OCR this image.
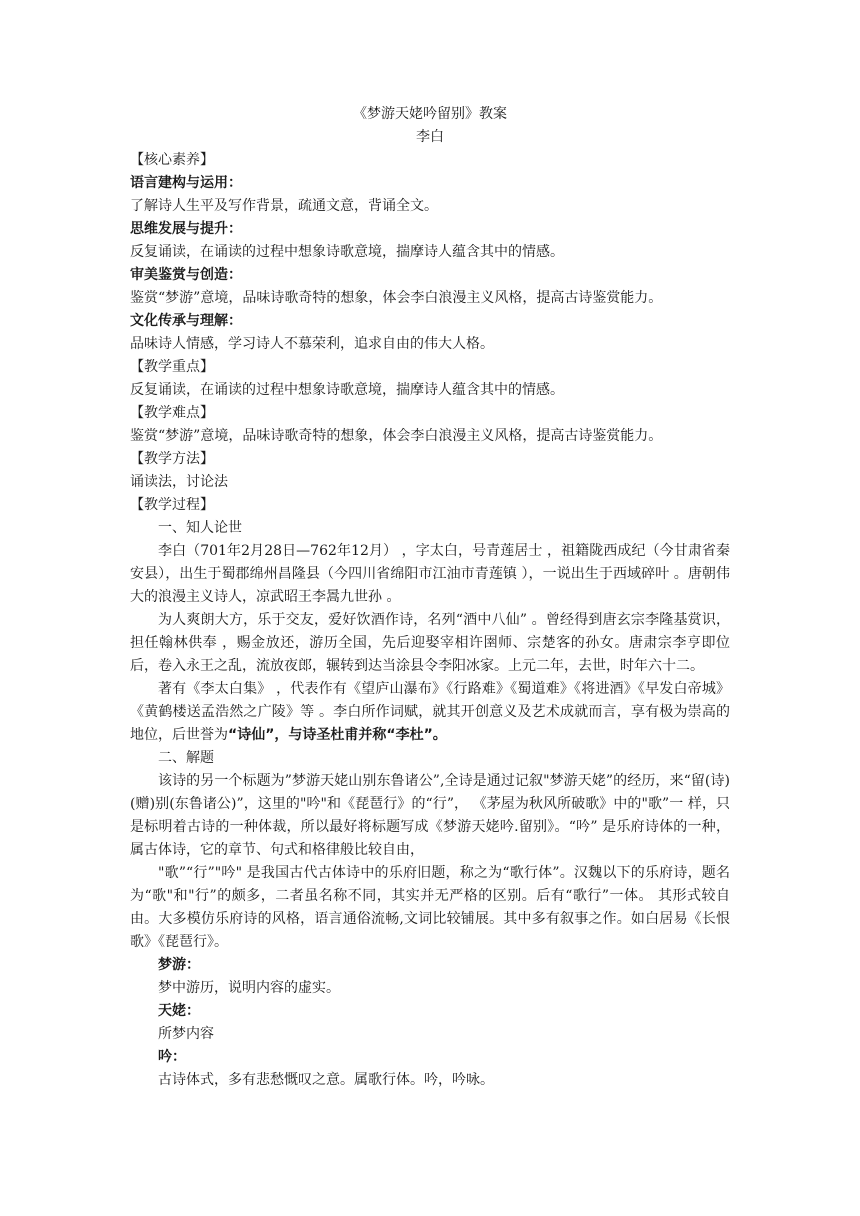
《梦游天姥吟留别》教案
李白
【核心素养】
语言建构与运用：
了解诗人生平及写作背景，疏通文意，背诵全文。
思维发展与提升：
反复诵读，在诵读的过程中想象诗歌意境，揣摩诗人蕴含其中的情感。
审美鉴赏与创造：
鉴赏“梦游”意境，品味诗歌奇特的想象，体会李白浪漫主义风格，提高古诗鉴赏能力。
文化传承与理解：
品味诗人情感，学习诗人不慕荣利，追求自由的伟大人格。
【教学重点】
反复诵读，在诵读的过程中想象诗歌意境，揣摩诗人蕴含其中的情感。
【教学难点】
鉴赏“梦游”意境，品味诗歌奇特的想象，体会李白浪漫主义风格，提高古诗鉴赏能力。
【教学方法】
诵读法，讨论法
【教学过程】
一、知人论世
李白（701年2月28日—762年12月） ，字太白，号青莲居士 ，祖籍陇西成纪（今甘肃省秦安县），出生于蜀郡绵州昌隆县（今四川省绵阳市江油市青莲镇 ），一说出生于西域碎叶 。唐朝伟大的浪漫主义诗人，凉武昭王李暠九世孙 。
为人爽朗大方，乐于交友，爱好饮酒作诗，名列“酒中八仙” 。曾经得到唐玄宗李隆基赏识，担任翰林供奉 ，赐金放还，游历全国，先后迎娶宰相许圉师、宗楚客的孙女。唐肃宗李亨即位后，卷入永王之乱，流放夜郎，辗转到达当涂县令李阳冰家。上元二年，去世，时年六十二。
著有《李太白集》 ，代表作有《望庐山瀑布》《行路难》《蜀道难》《将进酒》《早发白帝城》《黄鹤楼送孟浩然之广陵》等 。李白所作词赋，就其开创意义及艺术成就而言，享有极为崇高的地位，后世誉为“诗仙”，与诗圣杜甫并称“李杜”。
二、解题
该诗的另一个标题为”梦游天姥山别东鲁诸公”,全诗是通过记叙"梦游天姥”的经历，来“留(诗) (赠)别(东鲁诸公)”，这里的"吟"和《琵琶行》的“行”， 《茅屋为秋风所破歌》中的"歌”一 样，只是标明着古诗的一种体裁，所以最好将标题写成《梦游天姥吟.留别》。“吟” 是乐府诗体的一种，属古体诗，它的章节、句式和格律般比较自由，
"歌”“行”"吟" 是我国古代古体诗中的乐府旧题，称之为“歌行体”。汉魏以下的乐府诗，题名为“歌"和"行”的颇多，二者虽名称不同，其实并无严格的区别。后有“歌行”一体。 其形式较自由。大多模仿乐府诗的风格，语言通俗流畅,文词比较铺展。其中多有叙事之作。如白居易《长恨歌》《琵琶行》。
梦游：
梦中游历，说明内容的虚实。
天姥：
所梦内容
吟：
古诗体式，多有悲愁慨叹之意。属歌行体。吟，吟咏。
